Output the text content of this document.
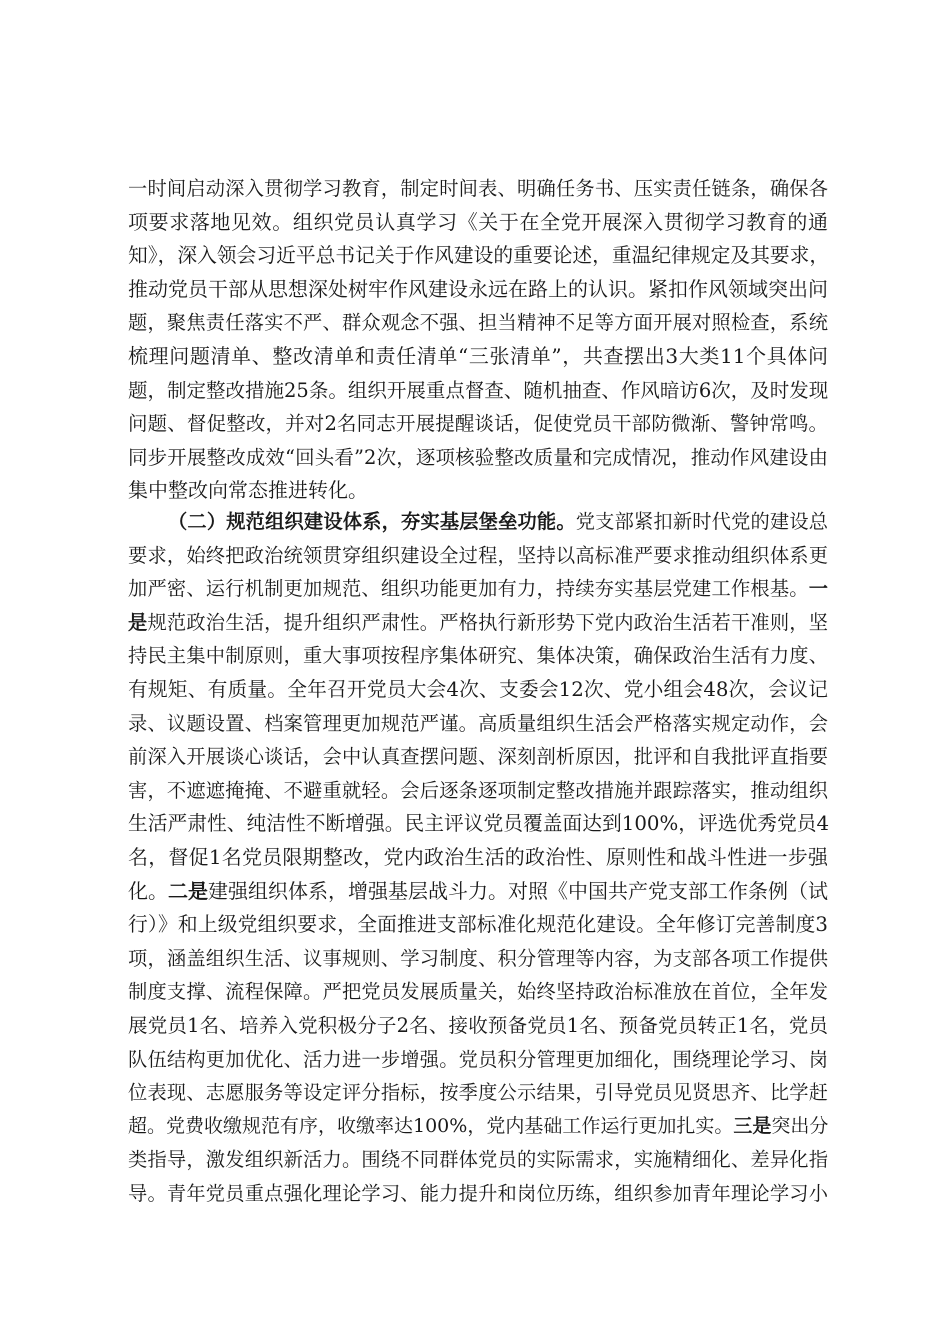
一时间启动深入贯彻学习教育，制定时间表、明确任务书、压实责任链条，确保各
项要求落地见效。组织党员认真学习《关于在全党开展深入贯彻学习教育的通
知》，深入领会习近平总书记关于作风建设的重要论述，重温纪律规定及其要求，
推动党员干部从思想深处树牢作风建设永远在路上的认识。紧扣作风领域突出问
题，聚焦责任落实不严、群众观念不强、担当精神不足等方面开展对照检查，系统
梳理问题清单、整改清单和责任清单“三张清单”，共查摆出3大类11个具体问
题，制定整改措施25条。组织开展重点督查、随机抽查、作风暗访6次，及时发现
问题、督促整改，并对2名同志开展提醒谈话，促使党员干部防微渐、警钟常鸣。
同步开展整改成效“回头看”2次，逐项核验整改质量和完成情况，推动作风建设由
集中整改向常态推进转化。
（二）规范组织建设体系，夯实基层堡垒功能。党支部紧扣新时代党的建设总
要求，始终把政治统领贯穿组织建设全过程，坚持以高标准严要求推动组织体系更
加严密、运行机制更加规范、组织功能更加有力，持续夯实基层党建工作根基。一
是规范政治生活，提升组织严肃性。严格执行新形势下党内政治生活若干准则，坚
持民主集中制原则，重大事项按程序集体研究、集体决策，确保政治生活有力度、
有规矩、有质量。全年召开党员大会4次、支委会12次、党小组会48次，会议记
录、议题设置、档案管理更加规范严谨。高质量组织生活会严格落实规定动作，会
前深入开展谈心谈话，会中认真查摆问题、深刻剖析原因，批评和自我批评直指要
害，不遮遮掩掩、不避重就轻。会后逐条逐项制定整改措施并跟踪落实，推动组织
生活严肃性、纯洁性不断增强。民主评议党员覆盖面达到100%，评选优秀党员4
名，督促1名党员限期整改，党内政治生活的政治性、原则性和战斗性进一步强
化。二是建强组织体系，增强基层战斗力。对照《中国共产党支部工作条例（试
行）》和上级党组织要求，全面推进支部标准化规范化建设。全年修订完善制度3
项，涵盖组织生活、议事规则、学习制度、积分管理等内容，为支部各项工作提供
制度支撑、流程保障。严把党员发展质量关，始终坚持政治标准放在首位，全年发
展党员1名、培养入党积极分子2名、接收预备党员1名、预备党员转正1名，党员
队伍结构更加优化、活力进一步增强。党员积分管理更加细化，围绕理论学习、岗
位表现、志愿服务等设定评分指标，按季度公示结果，引导党员见贤思齐、比学赶
超。党费收缴规范有序，收缴率达100%，党内基础工作运行更加扎实。三是突出分
类指导，激发组织新活力。围绕不同群体党员的实际需求，实施精细化、差异化指
导。青年党员重点强化理论学习、能力提升和岗位历练，组织参加青年理论学习小
